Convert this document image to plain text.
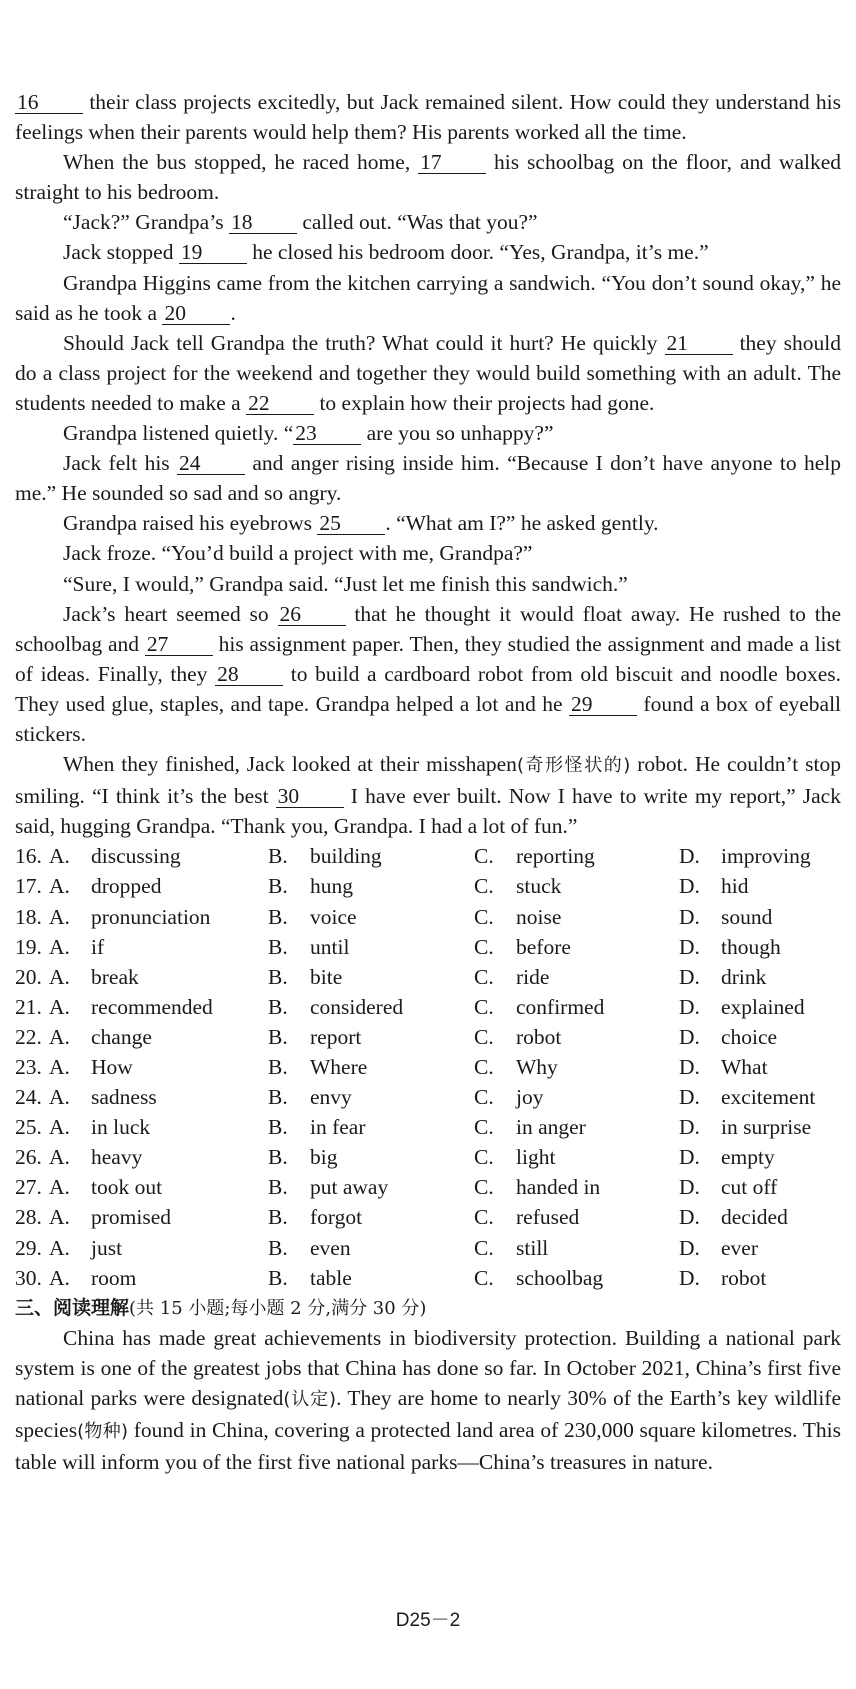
16 their class projects excitedly, but Jack remained silent. How could they understand his feelings when their parents would help them? His parents worked all the time.

When the bus stopped, he raced home, 17 his schoolbag on the floor, and walked straight to his bedroom.

“Jack?” Grandpa’s 18 called out. “Was that you?”

Jack stopped 19 he closed his bedroom door. “Yes, Grandpa, it’s me.”

Grandpa Higgins came from the kitchen carrying a sandwich. “You don’t sound okay,” he said as he took a 20 .

Should Jack tell Grandpa the truth? What could it hurt? He quickly 21 they should do a class project for the weekend and together they would build something with an adult. The students needed to make a 22 to explain how their projects had gone.

Grandpa listened quietly. “23 are you so unhappy?”

Jack felt his 24 and anger rising inside him. “Because I don’t have anyone to help me.” He sounded so sad and so angry.

Grandpa raised his eyebrows 25 . “What am I?” he asked gently.

Jack froze. “You’d build a project with me, Grandpa?”

“Sure, I would,” Grandpa said. “Just let me finish this sandwich.”

Jack’s heart seemed so 26 that he thought it would float away. He rushed to the schoolbag and 27 his assignment paper. Then, they studied the assignment and made a list of ideas. Finally, they 28 to build a cardboard robot from old biscuit and noodle boxes. They used glue, staples, and tape. Grandpa helped a lot and he 29 found a box of eyeball stickers.

When they finished, Jack looked at their misshapen(奇形怪状的) robot. He couldn’t stop smiling. “I think it’s the best 30 I have ever built. Now I have to write my report,” Jack said, hugging Grandpa. “Thank you, Grandpa. I had a lot of fun.”

16. A. discussing	B.	building	C.	reporting	D. improving
17. A. dropped	B.	hung	C.	stuck	D. hid
18. A. pronunciation	B.	voice	C.	noise	D. sound
19. A. if	B.	until	C.	before	D. though
20. A. break	B.	bite	C.	ride	D. drink
21. A. recommended	B.	considered	C.	confirmed	D. explained
22. A. change	B.	report	C.	robot	D. choice
23. A. How	B.	Where	C.	Why	D. What
24. A. sadness	B.	envy	C.	joy	D. excitement
25. A. in luck	B.	in fear	C.	in anger	D. in surprise
26. A. heavy	B.	big	C.	light	D. empty
27. A. took out	B.	put away	C.	handed in	D. cut off
28. A. promised	B.	forgot	C.	refused	D. decided
29. A. just	B.	even	C.	still	D. ever
30. A. room	B.	table	C.	schoolbag	D. robot
三、阅读理解(共 15 小题;每小题 2 分,满分 30 分)

China has made great achievements in biodiversity protection. Building a national park system is one of the greatest jobs that China has done so far. In October 2021, China’s first five national parks were designated(认定). They are home to nearly 30% of the Earth’s key wildlife species(物种) found in China, covering a protected land area of 230,000 square kilometres. This table will inform you of the first five national parks—China’s treasures in nature.

D25－2
